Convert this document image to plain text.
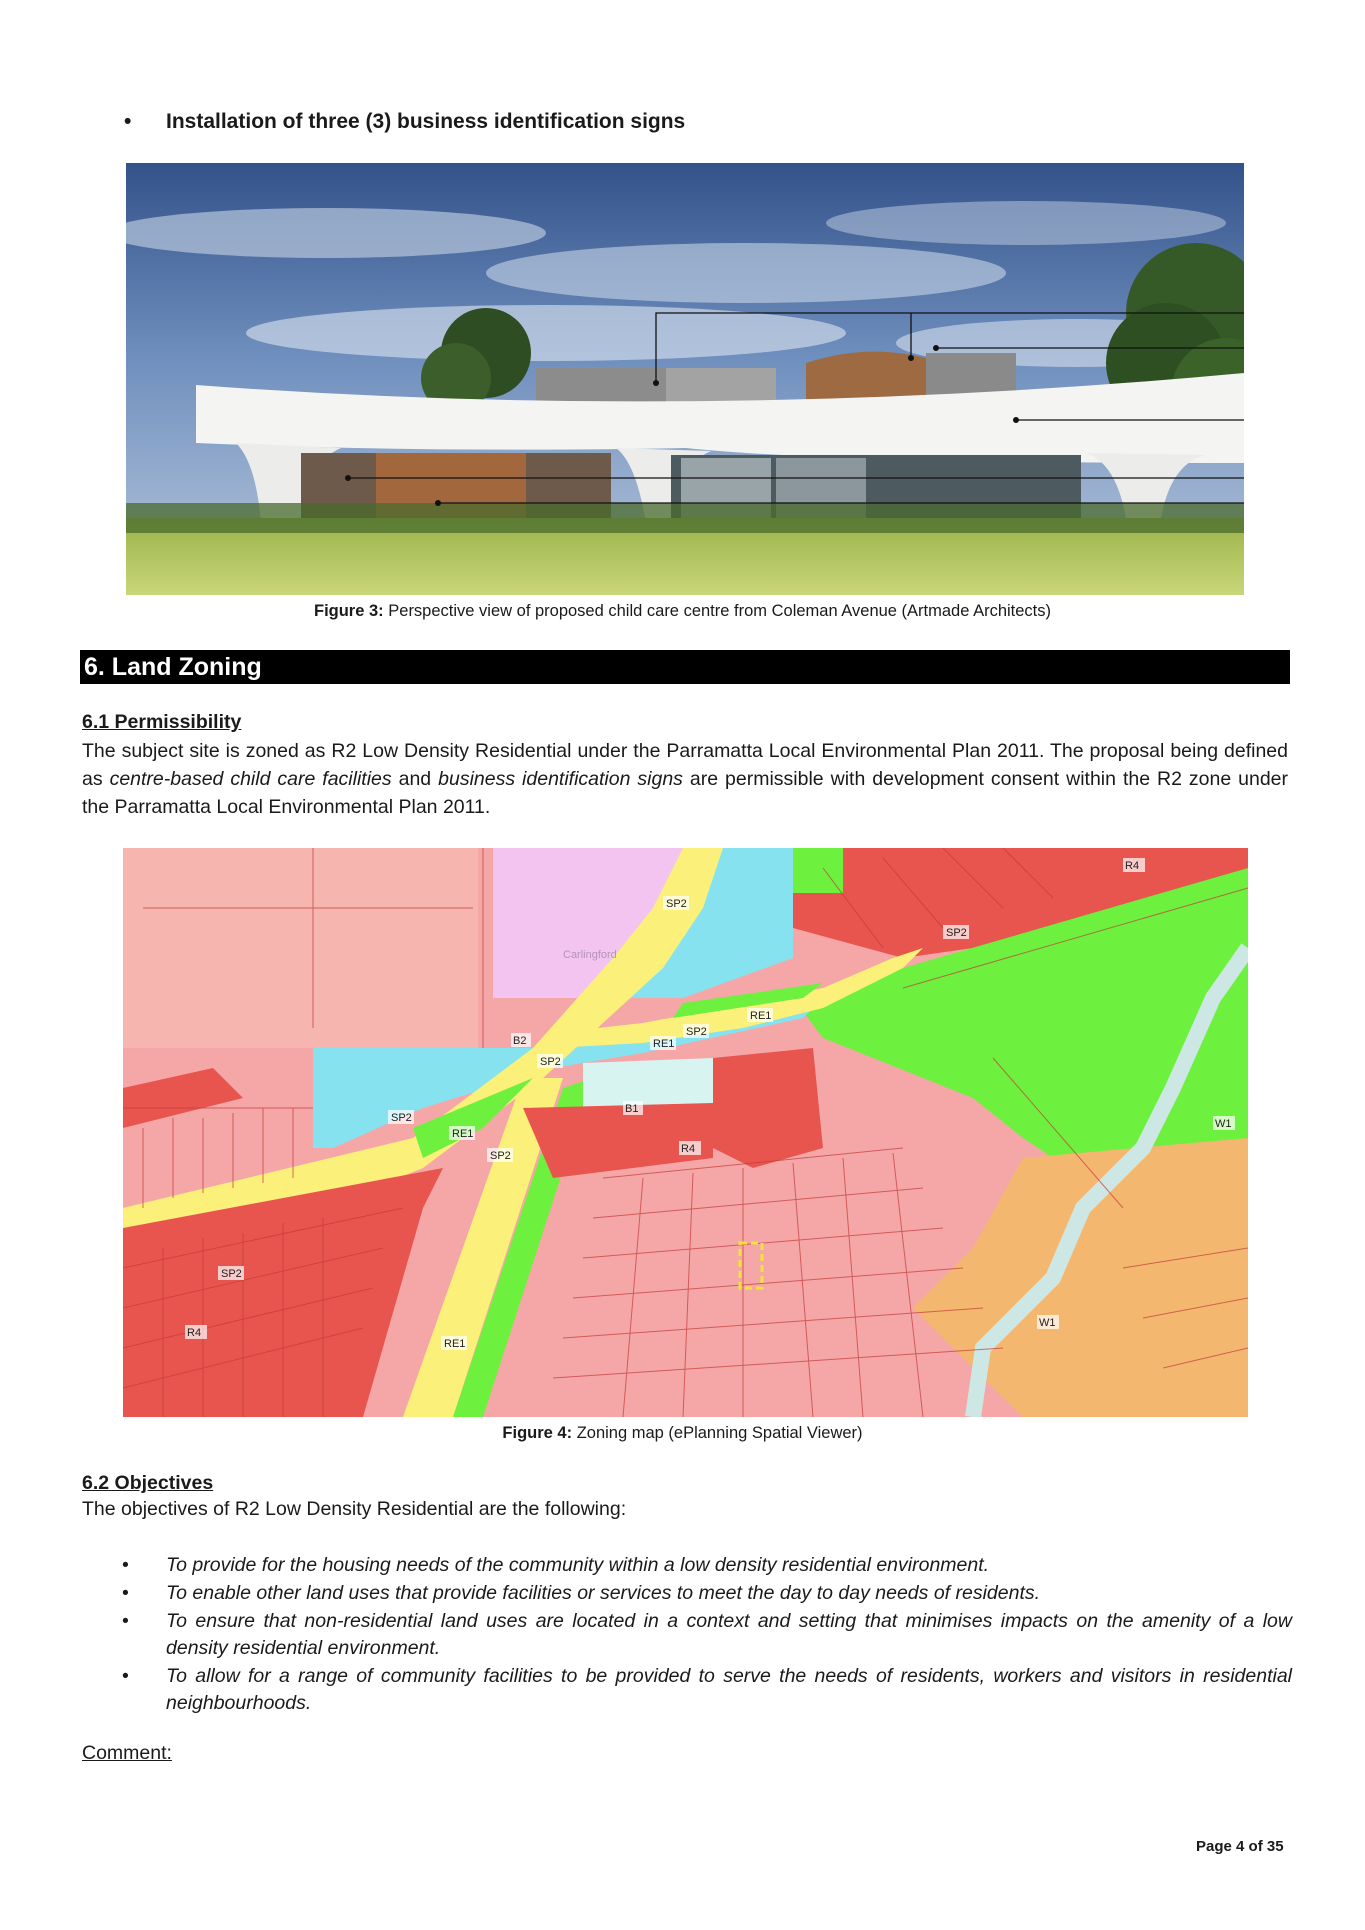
• Installation of three (3) business identification signs
Figure 3: Perspective view of proposed child care centre from Coleman Avenue (Artmade Architects)
6. Land Zoning
6.1 Permissibility

The subject site is zoned as R2 Low Density Residential under the Parramatta Local Environmental Plan 2011. The proposal being defined as centre-based child care facilities and business identification signs are permissible with development consent within the R2 zone under the Parramatta Local Environmental Plan 2011.

SP2
SP2
R4
SP2
RE1
SP2
RE1
B2
SP2
B1
SP2
RE1
SP2
R4
W1
W1
R4
RE1
Carlingford
Figure 4: Zoning map (ePlanning Spatial Viewer)
6.2 Objectives
The objectives of R2 Low Density Residential are the following:
• To provide for the housing needs of the community within a low density residential environment.
• To enable other land uses that provide facilities or services to meet the day to day needs of residents.
• To ensure that non-residential land uses are located in a context and setting that minimises impacts on the amenity of a low density residential environment.
• To allow for a range of community facilities to be provided to serve the needs of residents, workers and visitors in residential neighbourhoods.
Comment:
Page 4 of 35
